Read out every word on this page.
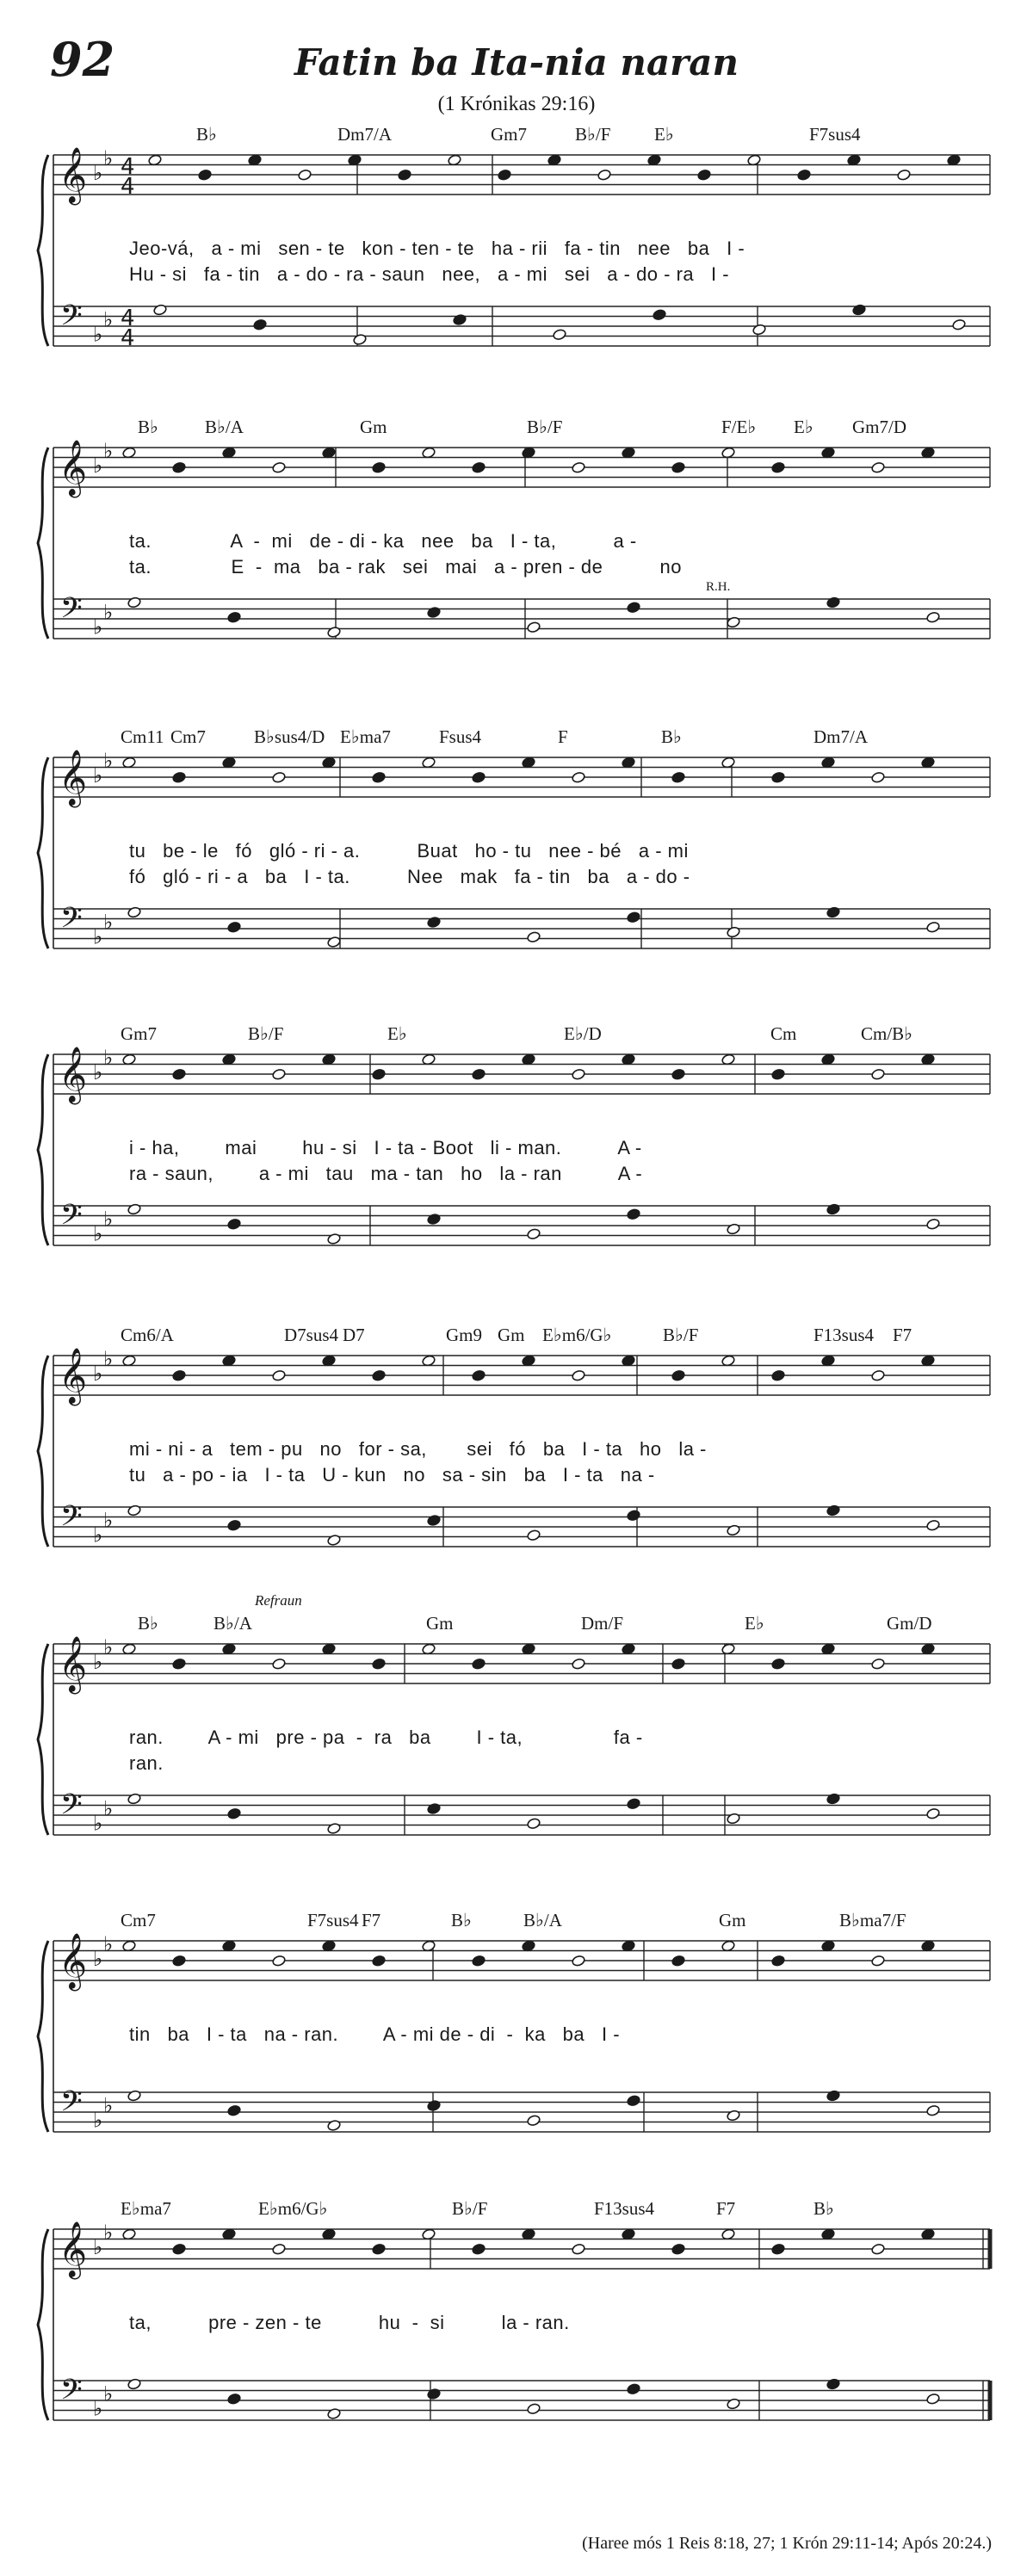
92	Fatin ba Ita-nia naran
(1 Krónikas 29:16)
𝄞
𝄢
♭
♭
♭
♭
4
4
4
4
B♭	Dm7/A	Gm7	B♭/F E♭	F7sus4
Jeo-vá,   a - mi   sen - te   kon - ten - te   ha - rii   fa - tin   nee   ba   I -
Hu - si   fa - tin   a - do - ra - saun   nee,   a - mi   sei   a - do - ra   I -
𝄞
𝄢
♭
♭
♭
♭
B♭	B♭/A	Gm	B♭/F	F/E♭ E♭ Gm7/D
ta.              A  -  mi   de - di - ka   nee   ba   I - ta,          a -
ta.              E  -  ma   ba - rak   sei   mai   a - pren - de          no
R.H.
𝄞
𝄢
♭
♭
♭
♭
Cm11 Cm7	B♭sus4/D E♭ma7	Fsus4	F	B♭	Dm7/A
tu   be - le   fó   gló - ri - a.          Buat   ho - tu   nee - bé   a - mi
fó   gló - ri - a   ba   I - ta.          Nee   mak   fa - tin   ba   a - do -
𝄞
𝄢
♭
♭
♭
♭
Gm7	B♭/F	E♭	E♭/D	Cm	Cm/B♭
i - ha,        mai        hu - si   I - ta - Boot   li - man.          A -
ra - saun,        a - mi   tau   ma - tan   ho   la - ran          A -
𝄞
𝄢
♭
♭
♭
♭
Cm6/A	D7sus4 D7	Gm9 Gm E♭m6/G♭	B♭/F	F13sus4 F7
mi - ni - a   tem - pu   no   for - sa,       sei   fó   ba   I - ta   ho   la -
tu   a - po - ia   I - ta   U - kun   no   sa - sin   ba   I - ta   na -
𝄞
𝄢
♭
♭
♭
♭
B♭	B♭/A	Gm	Dm/F	E♭	Gm/D
ran.        A - mi   pre - pa  -  ra   ba        I - ta,                fa -
ran.
Refraun
𝄞
𝄢
♭
♭
♭
♭
Cm7	F7sus4 F7	B♭	B♭/A	Gm	B♭ma7/F
tin   ba   I - ta   na - ran.        A - mi de - di  -  ka   ba   I -
𝄞
𝄢
♭
♭
♭
♭
E♭ma7	E♭m6/G♭	B♭/F	F13sus4	F7	B♭
ta,          pre - zen - te          hu  -  si          la - ran.
(Haree mós 1 Reis 8:18, 27; 1 Krón 29:11-14; Após 20:24.)
